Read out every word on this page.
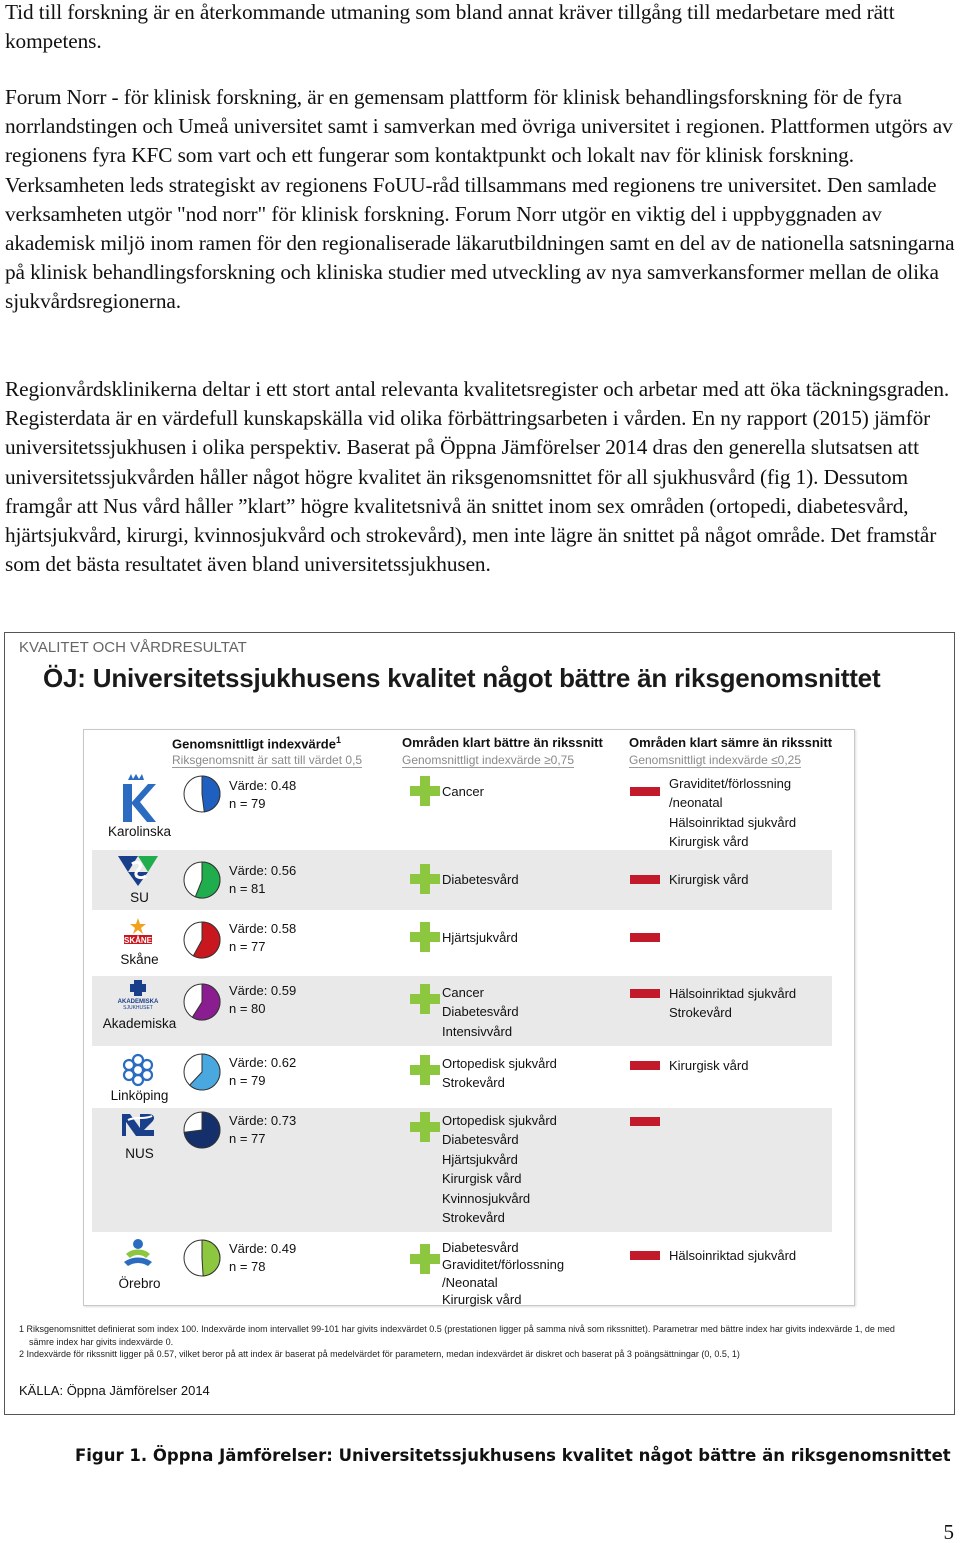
Tid till forskning är en återkommande utmaning som bland annat kräver tillgång till medarbetare med rätt kompetens.

Forum Norr - för klinisk forskning, är en gemensam plattform för klinisk behandlingsforskning för de fyra norrlandstingen och Umeå universitet samt i samverkan med övriga universitet i regionen. Plattformen utgörs av regionens fyra KFC som vart och ett fungerar som kontaktpunkt och lokalt nav för klinisk forskning. Verksamheten leds strategiskt av regionens FoUU-råd tillsammans med regionens tre universitet. Den samlade verksamheten utgör "nod norr" för klinisk forskning. Forum Norr utgör en viktig del i uppbyggnaden av akademisk miljö inom ramen för den regionaliserade läkarutbildningen samt en del av de nationella satsningarna på klinisk behandlingsforskning och kliniska studier med utveckling av nya samverkansformer mellan de olika sjukvårdsregionerna.

Regionvårdsklinikerna deltar i ett stort antal relevanta kvalitetsregister och arbetar med att öka täckningsgraden. Registerdata är en värdefull kunskapskälla vid olika förbättringsarbeten i vården. En ny rapport (2015) jämför universitetssjukhusen i olika perspektiv. Baserat på Öppna Jämförelser 2014 dras den generella slutsatsen att universitetssjukvården håller något högre kvalitet än riksgenomsnittet för all sjukhusvård (fig 1). Dessutom framgår att Nus vård håller ”klart” högre kvalitetsnivå än snittet inom sex områden (ortopedi, diabetesvård, hjärtsjukvård, kirurgi, kvinnosjukvård och strokevård), men inte lägre än snittet på något område. Det framstår som det bästa resultatet även bland universitetssjukhusen.

KVALITET OCH VÅRDRESULTAT
ÖJ: Universitetssjukhusens kvalitet något bättre än riksgenomsnittet
Genomsnittligt indexvärde$^1$
Riksgenomsnitt är satt till värdet 0,5
Områden klart bättre än rikssnitt
Genomsnittligt indexvärde ≥0,75
Områden klart sämre än rikssnitt
Genomsnittligt indexvärde ≤0,25
Karolinska
Värde: 0.48
n = 79
Cancer
Graviditet/förlossning /neonatal
Hälsoinriktad sjukvård
Kirurgisk vård
SU
Värde: 0.56
n = 81
Diabetesvård	Kirurgisk vård
SKÅNE
Skåne
Värde: 0.58
n = 77
Hjärtsjukvård
AKADEMISKA
SJUKHUSET
Akademiska
Värde: 0.59
n = 80
Cancer
Diabetesvård
Intensivvård
Hälsoinriktad sjukvård
Strokevård
Linköping
Värde: 0.62
n = 79
Ortopedisk sjukvård
Strokevård
Kirurgisk vård
NUS
Värde: 0.73
n = 77
Ortopedisk sjukvård
Diabetesvård
Hjärtsjukvård
Kirurgisk vård
Kvinnosjukvård
Strokevård
Örebro
Värde: 0.49
n = 78
Diabetesvård
Graviditet/förlossning
/Neonatal
Kirurgisk vård
Hälsoinriktad sjukvård
1 Riksgenomsnittet definierat som index 100. Indexvärde inom intervallet 99-101 har givits indexvärdet 0.5 (prestationen ligger på samma nivå som rikssnittet). Parametrar med bättre index har givits indexvärde 1, de med
sämre index har givits indexvärde 0.
2 Indexvärde för rikssnitt ligger på 0.57, vilket beror på att index är baserat på medelvärdet för parametern, medan indexvärdet är diskret och baserat på 3 poängsättningar (0, 0.5, 1)
KÄLLA: Öppna Jämförelser 2014
Figur 1. Öppna Jämförelser: Universitetssjukhusens kvalitet något bättre än riksgenomsnittet
5
